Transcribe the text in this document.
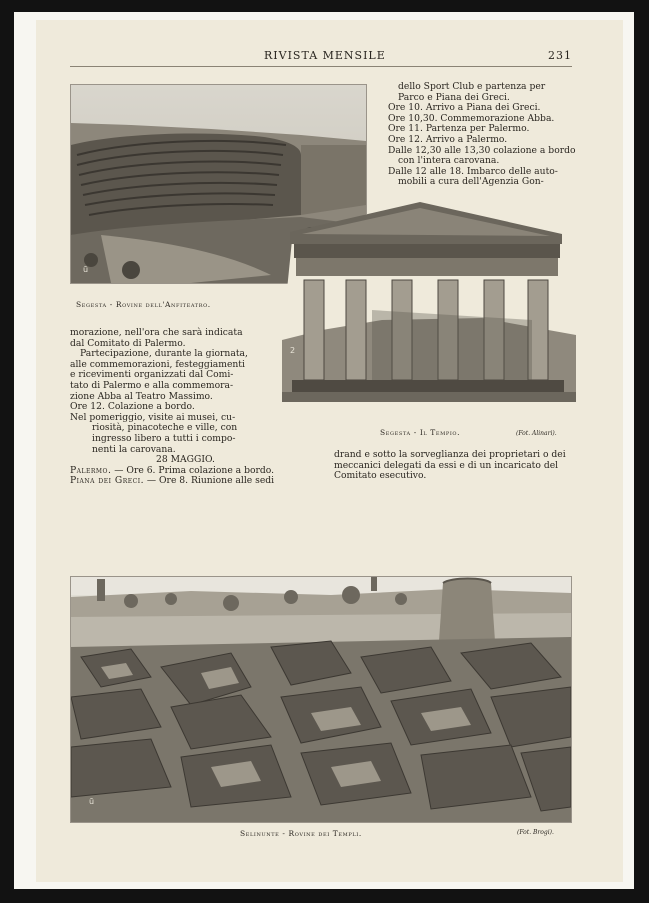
RIVISTA MENSILE	231
ū
Segesta - Rovine dell'Anfiteatro.
dello Sport Club e partenza per
Parco e Piana dei Greci.
Ore 10. Arrivo a Piana dei Greci.
Ore 10,30. Commemorazione Abba.
Ore 11. Partenza per Palermo.
Ore 12. Arrivo a Palermo.
Dalle 12,30 alle 13,30 colazione a bordo
con l'intera carovana.
Dalle 12 alle 18. Imbarco delle auto-
mobili a cura dell'Agenzia Gon-
2
Segesta - Il Tempio.	(Fot. Alinari).
morazione, nell'ora che sarà indicata
dal Comitato di Palermo.
Partecipazione, durante la giornata,
alle commemorazioni, festeggiamenti
e ricevimenti organizzati dal Comi-
tato di Palermo e alla commemora-
zione Abba al Teatro Massimo.
Ore 12. Colazione a bordo.
Nel pomeriggio, visite ai musei, cu-
riosità, pinacoteche e ville, con
ingresso libero a tutti i compo-
nenti la carovana.
28 MAGGIO.
Palermo. — Ore 6. Prima colazione a bordo.
Piana dei Greci. — Ore 8. Riunione alle sedi
drand e sotto la sorveglianza dei proprietari o dei
meccanici delegati da essi e di un incaricato del
Comitato esecutivo.
ū
Selinunte - Rovine dei Templi.	(Fot. Brogi).
